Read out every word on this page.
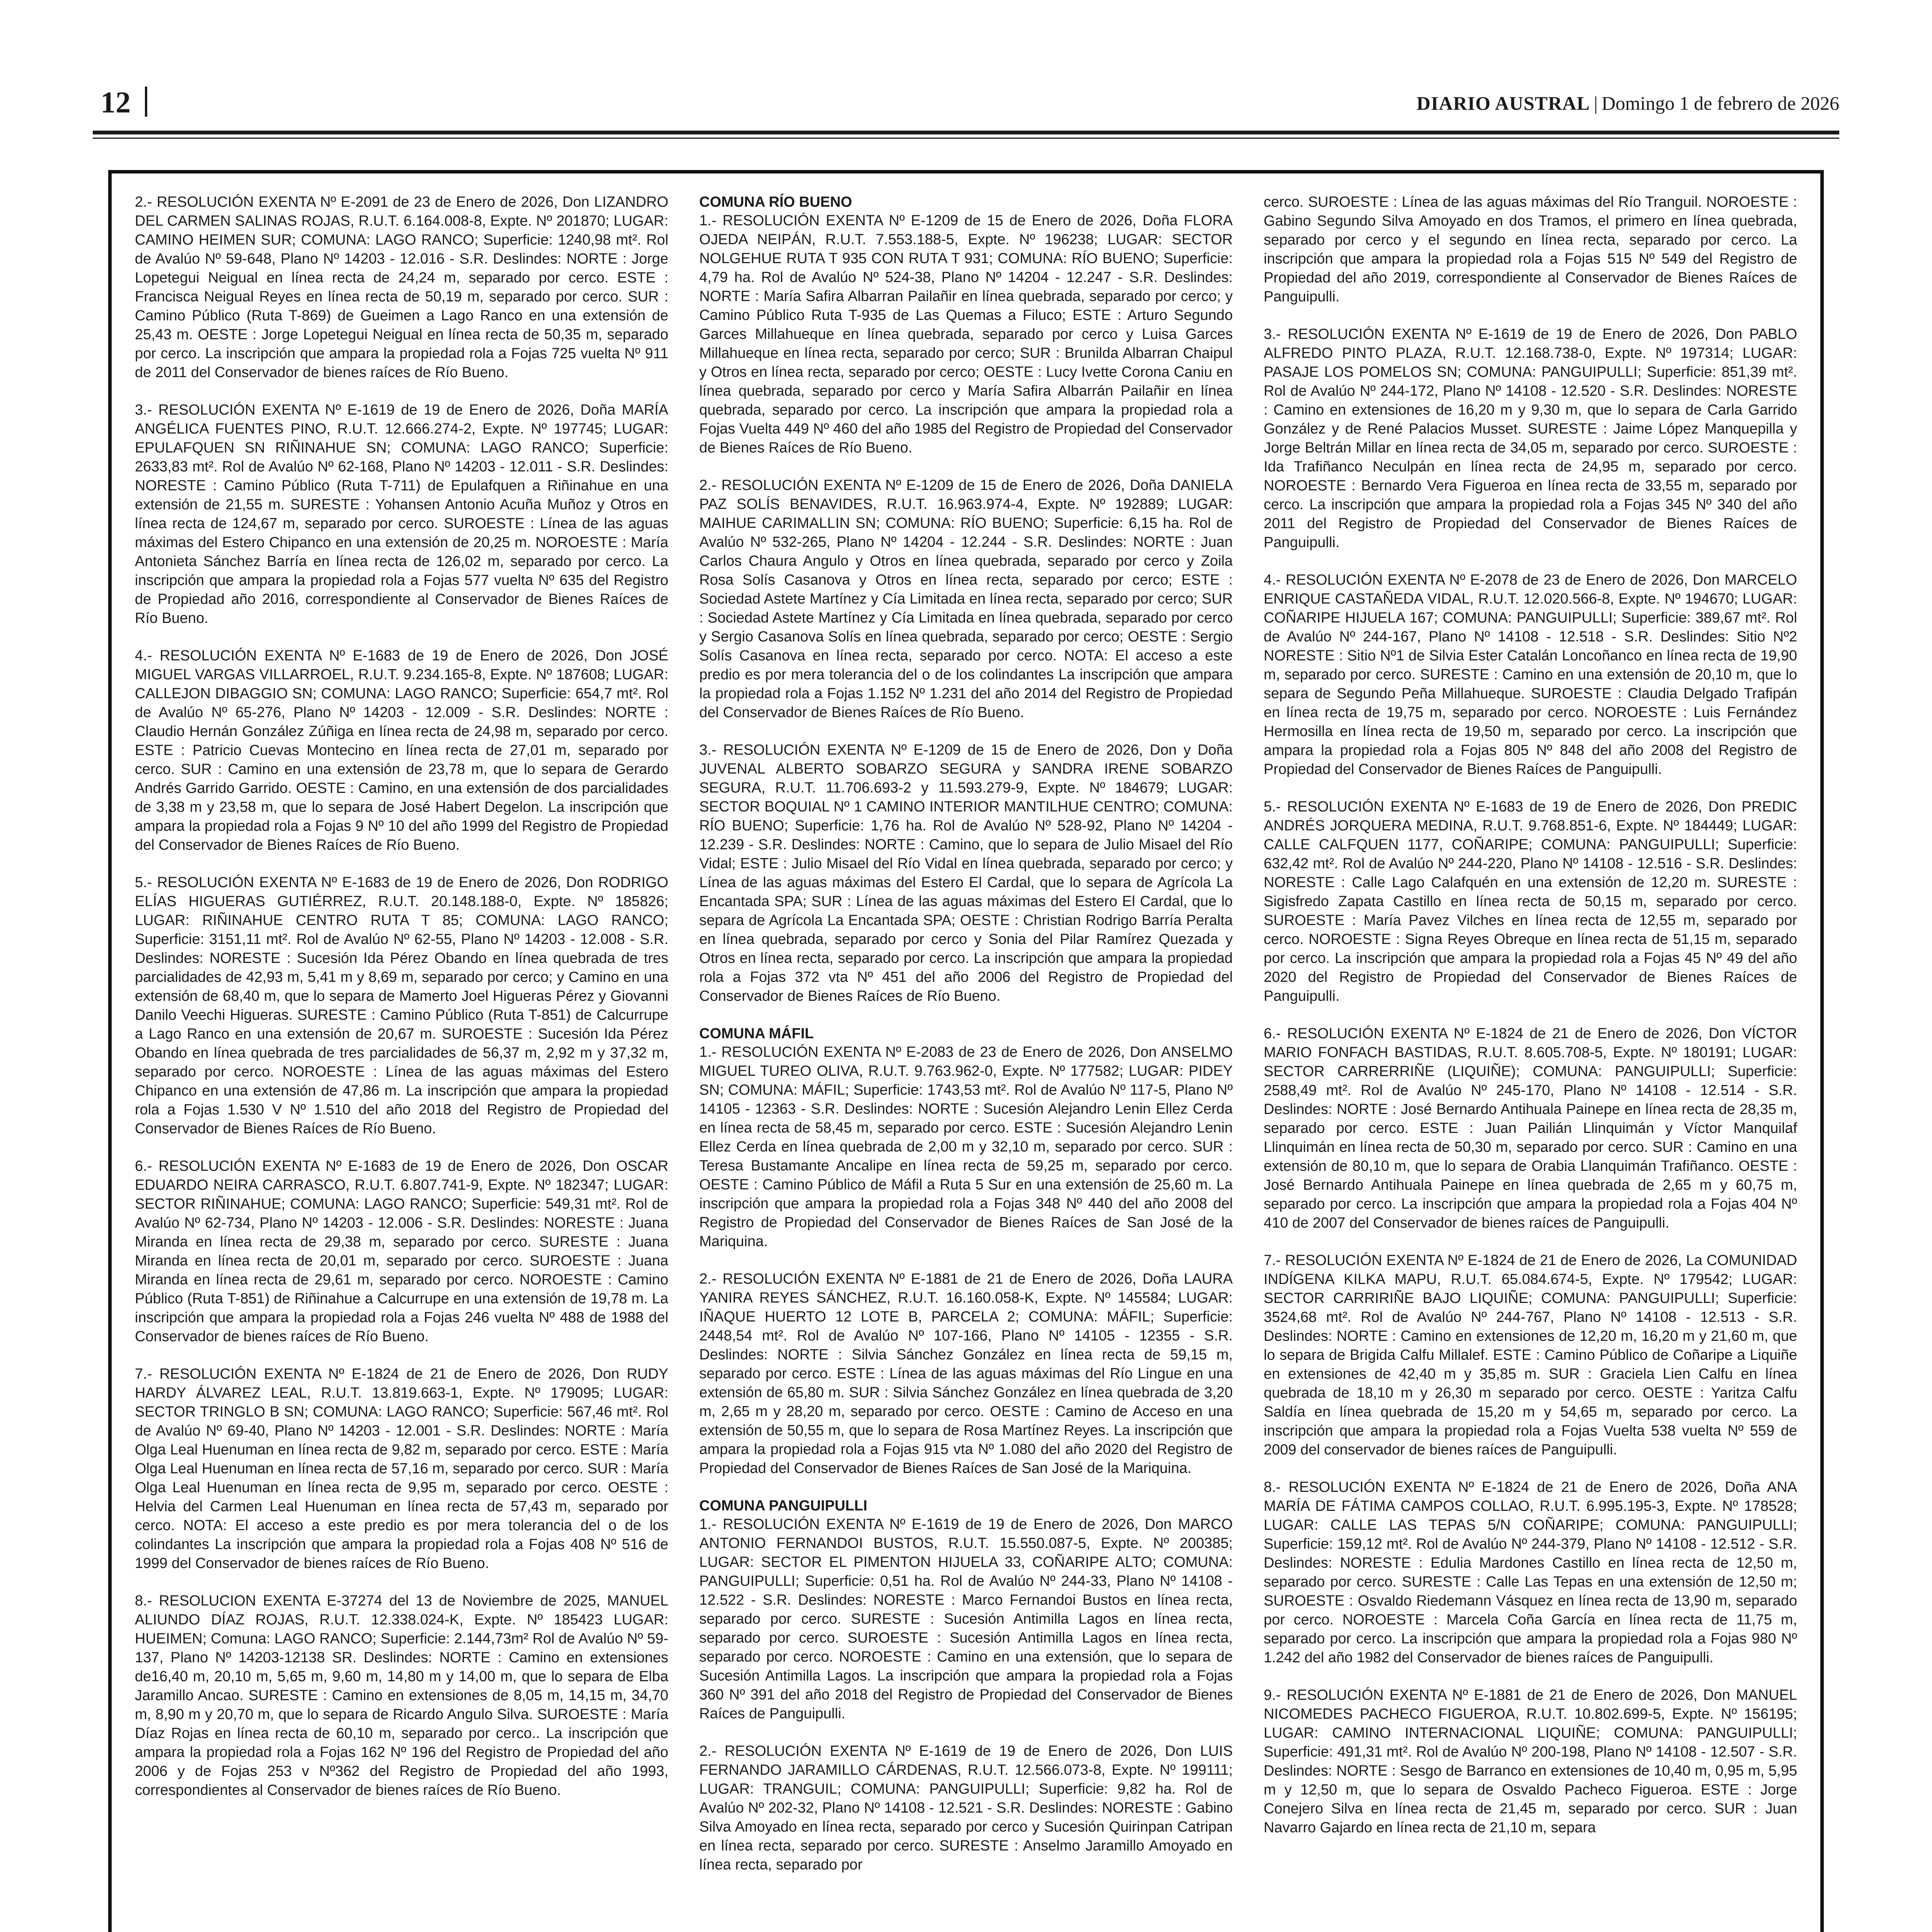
12	DIARIO AUSTRAL | Domingo 1 de febrero de 2026

2.- RESOLUCIÓN EXENTA Nº E-2091 de 23 de Enero de 2026, Don LIZANDRO DEL CARMEN SALINAS ROJAS, R.U.T. 6.164.008-8, Expte. Nº 201870; LUGAR: CAMINO HEIMEN SUR; COMUNA: LAGO RANCO; Superficie: 1240,98 mt². Rol de Avalúo Nº 59-648, Plano Nº 14203 - 12.016 - S.R. Deslindes: NORTE : Jorge Lopetegui Neigual en línea recta de 24,24 m, separado por cerco. ESTE : Francisca Neigual Reyes en línea recta de 50,19 m, separado por cerco. SUR : Camino Público (Ruta T-869) de Gueimen a Lago Ranco en una extensión de 25,43 m. OESTE : Jorge Lopetegui Neigual en línea recta de 50,35 m, separado por cerco. La inscripción que ampara la propiedad rola a Fojas 725 vuelta Nº 911 de 2011 del Conservador de bienes raíces de Río Bueno.

3.- RESOLUCIÓN EXENTA Nº E-1619 de 19 de Enero de 2026, Doña MARÍA ANGÉLICA FUENTES PINO, R.U.T. 12.666.274-2, Expte. Nº 197745; LUGAR: EPULAFQUEN SN RIÑINAHUE SN; COMUNA: LAGO RANCO; Superficie: 2633,83 mt². Rol de Avalúo Nº 62-168, Plano Nº 14203 - 12.011 - S.R. Deslindes: NORESTE : Camino Público (Ruta T-711) de Epulafquen a Riñinahue en una extensión de 21,55 m. SURESTE : Yohansen Antonio Acuña Muñoz y Otros en línea recta de 124,67 m, separado por cerco. SUROESTE : Línea de las aguas máximas del Estero Chipanco en una extensión de 20,25 m. NOROESTE : María Antonieta Sánchez Barría en línea recta de 126,02 m, separado por cerco. La inscripción que ampara la propiedad rola a Fojas 577 vuelta Nº 635 del Registro de Propiedad año 2016, correspondiente al Conservador de Bienes Raíces de Río Bueno.

4.- RESOLUCIÓN EXENTA Nº E-1683 de 19 de Enero de 2026, Don JOSÉ MIGUEL VARGAS VILLARROEL, R.U.T. 9.234.165-8, Expte. Nº 187608; LUGAR: CALLEJON DIBAGGIO SN; COMUNA: LAGO RANCO; Superficie: 654,7 mt². Rol de Avalúo Nº 65-276, Plano Nº 14203 - 12.009 - S.R. Deslindes: NORTE : Claudio Hernán González Zúñiga en línea recta de 24,98 m, separado por cerco. ESTE : Patricio Cuevas Montecino en línea recta de 27,01 m, separado por cerco. SUR : Camino en una extensión de 23,78 m, que lo separa de Gerardo Andrés Garrido Garrido. OESTE : Camino, en una extensión de dos parcialidades de 3,38 m y 23,58 m, que lo separa de José Habert Degelon. La inscripción que ampara la propiedad rola a Fojas 9 Nº 10 del año 1999 del Registro de Propiedad del Conservador de Bienes Raíces de Río Bueno.

5.- RESOLUCIÓN EXENTA Nº E-1683 de 19 de Enero de 2026, Don RODRIGO ELÍAS HIGUERAS GUTIÉRREZ, R.U.T. 20.148.188-0, Expte. Nº 185826; LUGAR: RIÑINAHUE CENTRO RUTA T 85; COMUNA: LAGO RANCO; Superficie: 3151,11 mt². Rol de Avalúo Nº 62-55, Plano Nº 14203 - 12.008 - S.R. Deslindes: NORESTE : Sucesión Ida Pérez Obando en línea quebrada de tres parcialidades de 42,93 m, 5,41 m y 8,69 m, separado por cerco; y Camino en una extensión de 68,40 m, que lo separa de Mamerto Joel Higueras Pérez y Giovanni Danilo Veechi Higueras. SURESTE : Camino Público (Ruta T-851) de Calcurrupe a Lago Ranco en una extensión de 20,67 m. SUROESTE : Sucesión Ida Pérez Obando en línea quebrada de tres parcialidades de 56,37 m, 2,92 m y 37,32 m, separado por cerco. NOROESTE : Línea de las aguas máximas del Estero Chipanco en una extensión de 47,86 m. La inscripción que ampara la propiedad rola a Fojas 1.530 V Nº 1.510 del año 2018 del Registro de Propiedad del Conservador de Bienes Raíces de Río Bueno.

6.- RESOLUCIÓN EXENTA Nº E-1683 de 19 de Enero de 2026, Don OSCAR EDUARDO NEIRA CARRASCO, R.U.T. 6.807.741-9, Expte. Nº 182347; LUGAR: SECTOR RIÑINAHUE; COMUNA: LAGO RANCO; Superficie: 549,31 mt². Rol de Avalúo Nº 62-734, Plano Nº 14203 - 12.006 - S.R. Deslindes: NORESTE : Juana Miranda en línea recta de 29,38 m, separado por cerco. SURESTE : Juana Miranda en línea recta de 20,01 m, separado por cerco. SUROESTE : Juana Miranda en línea recta de 29,61 m, separado por cerco. NOROESTE : Camino Público (Ruta T-851) de Riñinahue a Calcurrupe en una extensión de 19,78 m. La inscripción que ampara la propiedad rola a Fojas 246 vuelta Nº 488 de 1988 del Conservador de bienes raíces de Río Bueno.

7.- RESOLUCIÓN EXENTA Nº E-1824 de 21 de Enero de 2026, Don RUDY HARDY ÁLVAREZ LEAL, R.U.T. 13.819.663-1, Expte. Nº 179095; LUGAR: SECTOR TRINGLO B SN; COMUNA: LAGO RANCO; Superficie: 567,46 mt². Rol de Avalúo Nº 69-40, Plano Nº 14203 - 12.001 - S.R. Deslindes: NORTE : María Olga Leal Huenuman en línea recta de 9,82 m, separado por cerco. ESTE : María Olga Leal Huenuman en línea recta de 57,16 m, separado por cerco. SUR : María Olga Leal Huenuman en línea recta de 9,95 m, separado por cerco. OESTE : Helvia del Carmen Leal Huenuman en línea recta de 57,43 m, separado por cerco. NOTA: El acceso a este predio es por mera tolerancia del o de los colindantes La inscripción que ampara la propiedad rola a Fojas 408 Nº 516 de 1999 del Conservador de bienes raíces de Río Bueno.

8.- RESOLUCION EXENTA E-37274 del 13 de Noviembre de 2025, MANUEL ALIUNDO DÍAZ ROJAS, R.U.T. 12.338.024-K, Expte. Nº 185423 LUGAR: HUEIMEN; Comuna: LAGO RANCO; Superficie: 2.144,73m² Rol de Avalúo Nº 59-137, Plano Nº 14203-12138 SR. Deslindes: NORTE : Camino en extensiones de16,40 m, 20,10 m, 5,65 m, 9,60 m, 14,80 m y 14,00 m, que lo separa de Elba Jaramillo Ancao. SURESTE : Camino en extensiones de 8,05 m, 14,15 m, 34,70 m, 8,90 m y 20,70 m, que lo separa de Ricardo Angulo Silva. SUROESTE : María Díaz Rojas en línea recta de 60,10 m, separado por cerco.. La inscripción que ampara la propiedad rola a Fojas 162 Nº 196 del Registro de Propiedad del año 2006 y de Fojas 253 v Nº362 del Registro de Propiedad del año 1993, correspondientes al Conservador de bienes raíces de Río Bueno.

COMUNA RÍO BUENO

1.- RESOLUCIÓN EXENTA Nº E-1209 de 15 de Enero de 2026, Doña FLORA OJEDA NEIPÁN, R.U.T. 7.553.188-5, Expte. Nº 196238; LUGAR: SECTOR NOLGEHUE RUTA T 935 CON RUTA T 931; COMUNA: RÍO BUENO; Superficie: 4,79 ha. Rol de Avalúo Nº 524-38, Plano Nº 14204 - 12.247 - S.R. Deslindes: NORTE : María Safira Albarran Pailañir en línea quebrada, separado por cerco; y Camino Público Ruta T-935 de Las Quemas a Filuco; ESTE : Arturo Segundo Garces Millahueque en línea quebrada, separado por cerco y Luisa Garces Millahueque en línea recta, separado por cerco; SUR : Brunilda Albarran Chaipul y Otros en línea recta, separado por cerco; OESTE : Lucy Ivette Corona Caniu en línea quebrada, separado por cerco y María Safira Albarrán Pailañir en línea quebrada, separado por cerco. La inscripción que ampara la propiedad rola a Fojas Vuelta 449 Nº 460 del año 1985 del Registro de Propiedad del Conservador de Bienes Raíces de Río Bueno.

2.- RESOLUCIÓN EXENTA Nº E-1209 de 15 de Enero de 2026, Doña DANIELA PAZ SOLÍS BENAVIDES, R.U.T. 16.963.974-4, Expte. Nº 192889; LUGAR: MAIHUE CARIMALLIN SN; COMUNA: RÍO BUENO; Superficie: 6,15 ha. Rol de Avalúo Nº 532-265, Plano Nº 14204 - 12.244 - S.R. Deslindes: NORTE : Juan Carlos Chaura Angulo y Otros en línea quebrada, separado por cerco y Zoila Rosa Solís Casanova y Otros en línea recta, separado por cerco; ESTE : Sociedad Astete Martínez y Cía Limitada en línea recta, separado por cerco; SUR : Sociedad Astete Martínez y Cía Limitada en línea quebrada, separado por cerco y Sergio Casanova Solís en línea quebrada, separado por cerco; OESTE : Sergio Solís Casanova en línea recta, separado por cerco. NOTA: El acceso a este predio es por mera tolerancia del o de los colindantes La inscripción que ampara la propiedad rola a Fojas 1.152 Nº 1.231 del año 2014 del Registro de Propiedad del Conservador de Bienes Raíces de Río Bueno.

3.- RESOLUCIÓN EXENTA Nº E-1209 de 15 de Enero de 2026, Don y Doña JUVENAL ALBERTO SOBARZO SEGURA y SANDRA IRENE SOBARZO SEGURA, R.U.T. 11.706.693-2 y 11.593.279-9, Expte. Nº 184679; LUGAR: SECTOR BOQUIAL Nº 1 CAMINO INTERIOR MANTILHUE CENTRO; COMUNA: RÍO BUENO; Superficie: 1,76 ha. Rol de Avalúo Nº 528-92, Plano Nº 14204 - 12.239 - S.R. Deslindes: NORTE : Camino, que lo separa de Julio Misael del Río Vidal; ESTE : Julio Misael del Río Vidal en línea quebrada, separado por cerco; y Línea de las aguas máximas del Estero El Cardal, que lo separa de Agrícola La Encantada SPA; SUR : Línea de las aguas máximas del Estero El Cardal, que lo separa de Agrícola La Encantada SPA; OESTE : Christian Rodrigo Barría Peralta en línea quebrada, separado por cerco y Sonia del Pilar Ramírez Quezada y Otros en línea recta, separado por cerco. La inscripción que ampara la propiedad rola a Fojas 372 vta Nº 451 del año 2006 del Registro de Propiedad del Conservador de Bienes Raíces de Río Bueno.

COMUNA MÁFIL

1.- RESOLUCIÓN EXENTA Nº E-2083 de 23 de Enero de 2026, Don ANSELMO MIGUEL TUREO OLIVA, R.U.T. 9.763.962-0, Expte. Nº 177582; LUGAR: PIDEY SN; COMUNA: MÁFIL; Superficie: 1743,53 mt². Rol de Avalúo Nº 117-5, Plano Nº 14105 - 12363 - S.R. Deslindes: NORTE : Sucesión Alejandro Lenin Ellez Cerda en línea recta de 58,45 m, separado por cerco. ESTE : Sucesión Alejandro Lenin Ellez Cerda en línea quebrada de 2,00 m y 32,10 m, separado por cerco. SUR : Teresa Bustamante Ancalipe en línea recta de 59,25 m, separado por cerco. OESTE : Camino Público de Máfil a Ruta 5 Sur en una extensión de 25,60 m. La inscripción que ampara la propiedad rola a Fojas 348 Nº 440 del año 2008 del Registro de Propiedad del Conservador de Bienes Raíces de San José de la Mariquina.

2.- RESOLUCIÓN EXENTA Nº E-1881 de 21 de Enero de 2026, Doña LAURA YANIRA REYES SÁNCHEZ, R.U.T. 16.160.058-K, Expte. Nº 145584; LUGAR: IÑAQUE HUERTO 12 LOTE B, PARCELA 2; COMUNA: MÁFIL; Superficie: 2448,54 mt². Rol de Avalúo Nº 107-166, Plano Nº 14105 - 12355 - S.R. Deslindes: NORTE : Silvia Sánchez González en línea recta de 59,15 m, separado por cerco. ESTE : Línea de las aguas máximas del Río Lingue en una extensión de 65,80 m. SUR : Silvia Sánchez González en línea quebrada de 3,20 m, 2,65 m y 28,20 m, separado por cerco. OESTE : Camino de Acceso en una extensión de 50,55 m, que lo separa de Rosa Martínez Reyes. La inscripción que ampara la propiedad rola a Fojas 915 vta Nº 1.080 del año 2020 del Registro de Propiedad del Conservador de Bienes Raíces de San José de la Mariquina.

COMUNA PANGUIPULLI

1.- RESOLUCIÓN EXENTA Nº E-1619 de 19 de Enero de 2026, Don MARCO ANTONIO FERNANDOI BUSTOS, R.U.T. 15.550.087-5, Expte. Nº 200385; LUGAR: SECTOR EL PIMENTON HIJUELA 33, COÑARIPE ALTO; COMUNA: PANGUIPULLI; Superficie: 0,51 ha. Rol de Avalúo Nº 244-33, Plano Nº 14108 - 12.522 - S.R. Deslindes: NORESTE : Marco Fernandoi Bustos en línea recta, separado por cerco. SURESTE : Sucesión Antimilla Lagos en línea recta, separado por cerco. SUROESTE : Sucesión Antimilla Lagos en línea recta, separado por cerco. NOROESTE : Camino en una extensión, que lo separa de Sucesión Antimilla Lagos. La inscripción que ampara la propiedad rola a Fojas 360 Nº 391 del año 2018 del Registro de Propiedad del Conservador de Bienes Raíces de Panguipulli.

2.- RESOLUCIÓN EXENTA Nº E-1619 de 19 de Enero de 2026, Don LUIS FERNANDO JARAMILLO CÁRDENAS, R.U.T. 12.566.073-8, Expte. Nº 199111; LUGAR: TRANGUIL; COMUNA: PANGUIPULLI; Superficie: 9,82 ha. Rol de Avalúo Nº 202-32, Plano Nº 14108 - 12.521 - S.R. Deslindes: NORESTE : Gabino Silva Amoyado en línea recta, separado por cerco y Sucesión Quirinpan Catripan en línea recta, separado por cerco. SURESTE : Anselmo Jaramillo Amoyado en línea recta, separado por

cerco. SUROESTE : Línea de las aguas máximas del Río Tranguil. NOROESTE : Gabino Segundo Silva Amoyado en dos Tramos, el primero en línea quebrada, separado por cerco y el segundo en línea recta, separado por cerco. La inscripción que ampara la propiedad rola a Fojas 515 Nº 549 del Registro de Propiedad del año 2019, correspondiente al Conservador de Bienes Raíces de Panguipulli.

3.- RESOLUCIÓN EXENTA Nº E-1619 de 19 de Enero de 2026, Don PABLO ALFREDO PINTO PLAZA, R.U.T. 12.168.738-0, Expte. Nº 197314; LUGAR: PASAJE LOS POMELOS SN; COMUNA: PANGUIPULLI; Superficie: 851,39 mt². Rol de Avalúo Nº 244-172, Plano Nº 14108 - 12.520 - S.R. Deslindes: NORESTE : Camino en extensiones de 16,20 m y 9,30 m, que lo separa de Carla Garrido González y de René Palacios Musset. SURESTE : Jaime López Manquepilla y Jorge Beltrán Millar en línea recta de 34,05 m, separado por cerco. SUROESTE : Ida Trafiñanco Neculpán en línea recta de 24,95 m, separado por cerco. NOROESTE : Bernardo Vera Figueroa en línea recta de 33,55 m, separado por cerco. La inscripción que ampara la propiedad rola a Fojas 345 Nº 340 del año 2011 del Registro de Propiedad del Conservador de Bienes Raíces de Panguipulli.

4.- RESOLUCIÓN EXENTA Nº E-2078 de 23 de Enero de 2026, Don MARCELO ENRIQUE CASTAÑEDA VIDAL, R.U.T. 12.020.566-8, Expte. Nº 194670; LUGAR: COÑARIPE HIJUELA 167; COMUNA: PANGUIPULLI; Superficie: 389,67 mt². Rol de Avalúo Nº 244-167, Plano Nº 14108 - 12.518 - S.R. Deslindes: Sitio Nº2 NORESTE : Sitio Nº1 de Silvia Ester Catalán Loncoñanco en línea recta de 19,90 m, separado por cerco. SURESTE : Camino en una extensión de 20,10 m, que lo separa de Segundo Peña Millahueque. SUROESTE : Claudia Delgado Trafipán en línea recta de 19,75 m, separado por cerco. NOROESTE : Luis Fernández Hermosilla en línea recta de 19,50 m, separado por cerco. La inscripción que ampara la propiedad rola a Fojas 805 Nº 848 del año 2008 del Registro de Propiedad del Conservador de Bienes Raíces de Panguipulli.

5.- RESOLUCIÓN EXENTA Nº E-1683 de 19 de Enero de 2026, Don PREDIC ANDRÉS JORQUERA MEDINA, R.U.T. 9.768.851-6, Expte. Nº 184449; LUGAR: CALLE CALFQUEN 1177, COÑARIPE; COMUNA: PANGUIPULLI; Superficie: 632,42 mt². Rol de Avalúo Nº 244-220, Plano Nº 14108 - 12.516 - S.R. Deslindes: NORESTE : Calle Lago Calafquén en una extensión de 12,20 m. SURESTE : Sigisfredo Zapata Castillo en línea recta de 50,15 m, separado por cerco. SUROESTE : María Pavez Vilches en línea recta de 12,55 m, separado por cerco. NOROESTE : Signa Reyes Obreque en línea recta de 51,15 m, separado por cerco. La inscripción que ampara la propiedad rola a Fojas 45 Nº 49 del año 2020 del Registro de Propiedad del Conservador de Bienes Raíces de Panguipulli.

6.- RESOLUCIÓN EXENTA Nº E-1824 de 21 de Enero de 2026, Don VÍCTOR MARIO FONFACH BASTIDAS, R.U.T. 8.605.708-5, Expte. Nº 180191; LUGAR: SECTOR CARRERRIÑE (LIQUIÑE); COMUNA: PANGUIPULLI; Superficie: 2588,49 mt². Rol de Avalúo Nº 245-170, Plano Nº 14108 - 12.514 - S.R. Deslindes: NORTE : José Bernardo Antihuala Painepe en línea recta de 28,35 m, separado por cerco. ESTE : Juan Pailián Llinquimán y Víctor Manquilaf Llinquimán en línea recta de 50,30 m, separado por cerco. SUR : Camino en una extensión de 80,10 m, que lo separa de Orabia Llanquimán Trafiñanco. OESTE : José Bernardo Antihuala Painepe en línea quebrada de 2,65 m y 60,75 m, separado por cerco. La inscripción que ampara la propiedad rola a Fojas 404 Nº 410 de 2007 del Conservador de bienes raíces de Panguipulli.

7.- RESOLUCIÓN EXENTA Nº E-1824 de 21 de Enero de 2026, La COMUNIDAD INDÍGENA KILKA MAPU, R.U.T. 65.084.674-5, Expte. Nº 179542; LUGAR: SECTOR CARRIRIÑE BAJO LIQUIÑE; COMUNA: PANGUIPULLI; Superficie: 3524,68 mt². Rol de Avalúo Nº 244-767, Plano Nº 14108 - 12.513 - S.R. Deslindes: NORTE : Camino en extensiones de 12,20 m, 16,20 m y 21,60 m, que lo separa de Brigida Calfu Millalef. ESTE : Camino Público de Coñaripe a Liquiñe en extensiones de 42,40 m y 35,85 m. SUR : Graciela Lien Calfu en línea quebrada de 18,10 m y 26,30 m separado por cerco. OESTE : Yaritza Calfu Saldía en línea quebrada de 15,20 m y 54,65 m, separado por cerco. La inscripción que ampara la propiedad rola a Fojas Vuelta 538 vuelta Nº 559 de 2009 del conservador de bienes raíces de Panguipulli.

8.- RESOLUCIÓN EXENTA Nº E-1824 de 21 de Enero de 2026, Doña ANA MARÍA DE FÁTIMA CAMPOS COLLAO, R.U.T. 6.995.195-3, Expte. Nº 178528; LUGAR: CALLE LAS TEPAS 5/N COÑARIPE; COMUNA: PANGUIPULLI; Superficie: 159,12 mt². Rol de Avalúo Nº 244-379, Plano Nº 14108 - 12.512 - S.R. Deslindes: NORESTE : Edulia Mardones Castillo en línea recta de 12,50 m, separado por cerco. SURESTE : Calle Las Tepas en una extensión de 12,50 m; SUROESTE : Osvaldo Riedemann Vásquez en línea recta de 13,90 m, separado por cerco. NOROESTE : Marcela Coña García en línea recta de 11,75 m, separado por cerco. La inscripción que ampara la propiedad rola a Fojas 980 Nº 1.242 del año 1982 del Conservador de bienes raíces de Panguipulli.

9.- RESOLUCIÓN EXENTA Nº E-1881 de 21 de Enero de 2026, Don MANUEL NICOMEDES PACHECO FIGUEROA, R.U.T. 10.802.699-5, Expte. Nº 156195; LUGAR: CAMINO INTERNACIONAL LIQUIÑE; COMUNA: PANGUIPULLI; Superficie: 491,31 mt². Rol de Avalúo Nº 200-198, Plano Nº 14108 - 12.507 - S.R. Deslindes: NORTE : Sesgo de Barranco en extensiones de 10,40 m, 0,95 m, 5,95 m y 12,50 m, que lo separa de Osvaldo Pacheco Figueroa. ESTE : Jorge Conejero Silva en línea recta de 21,45 m, separado por cerco. SUR : Juan Navarro Gajardo en línea recta de 21,10 m, separa
